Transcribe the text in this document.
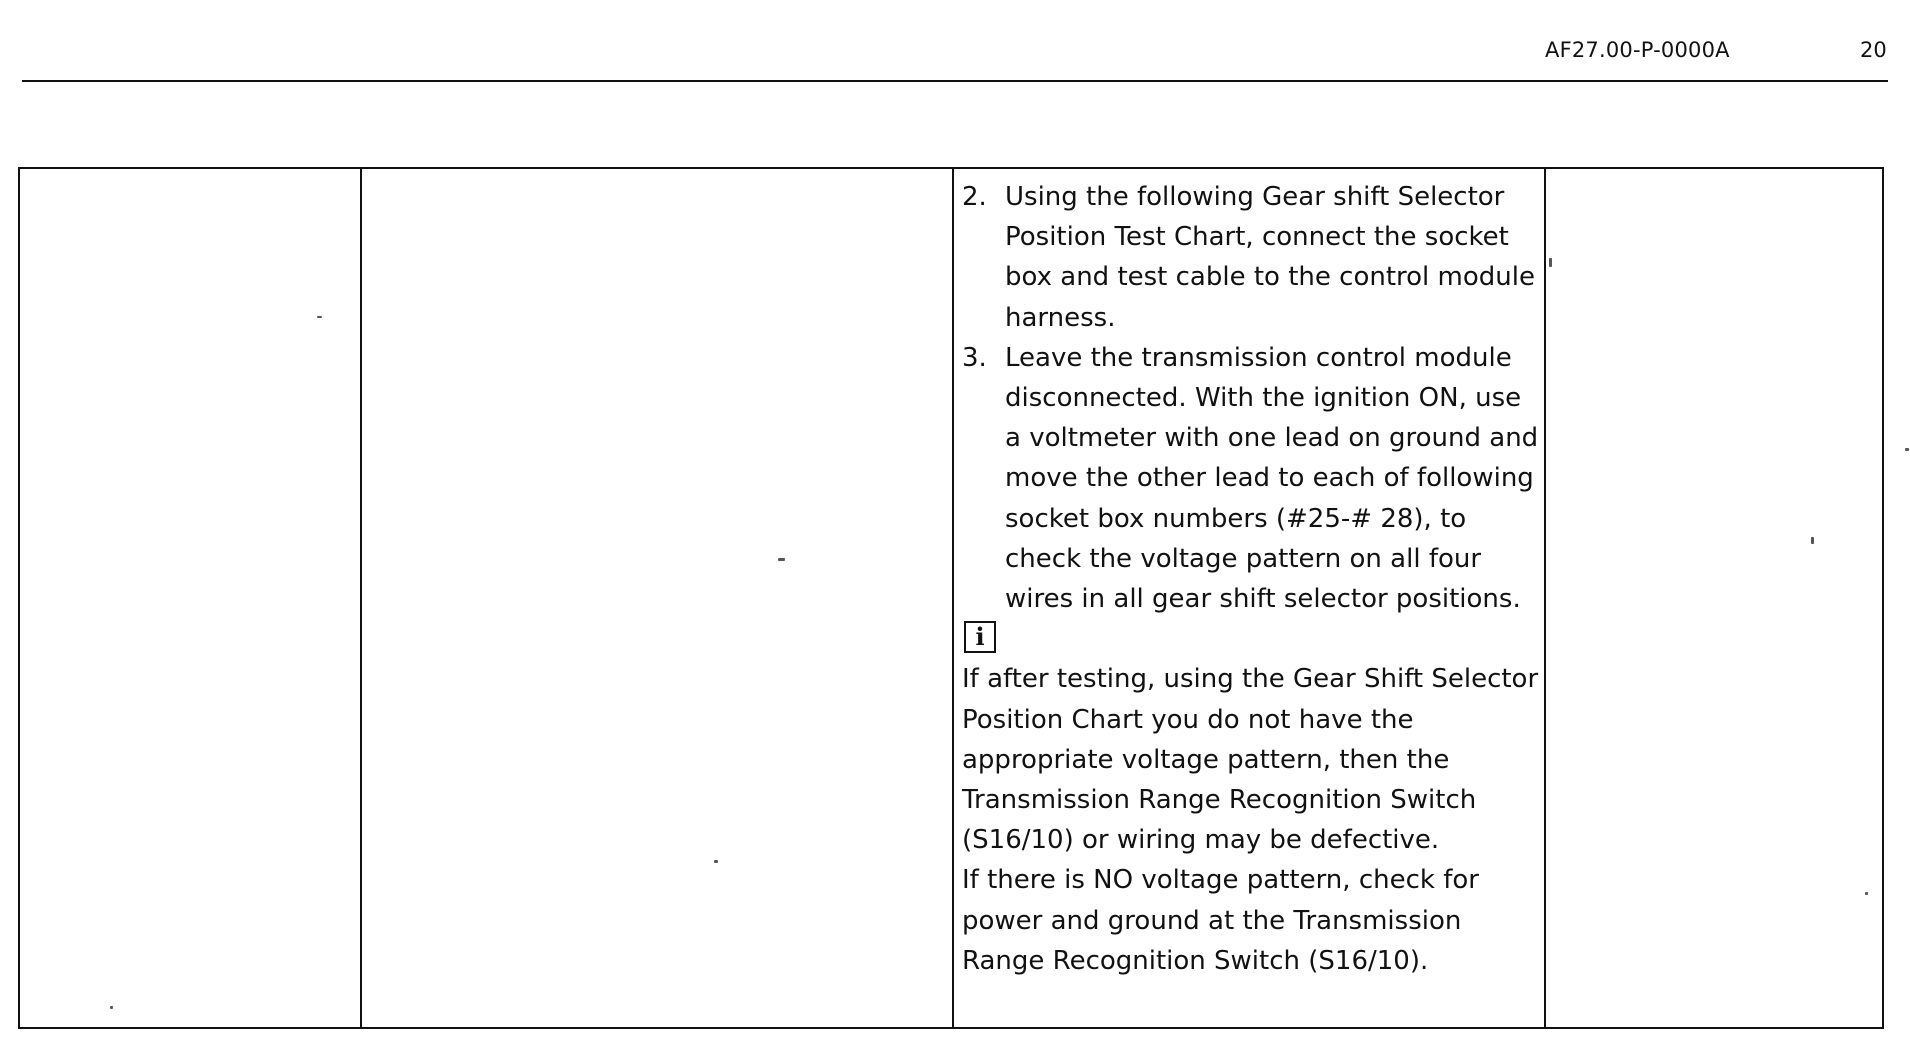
AF27.00-P-0000A	20
2. Using the following Gear shift Selector Position Test Chart, connect the socket box and test cable to the control module harness.
3. Leave the transmission control module disconnected. With the ignition ON, use a voltmeter with one lead on ground and move the other lead to each of following socket box numbers (#25-# 28), to check the voltage pattern on all four wires in all gear shift selector positions.
i

If after testing, using the Gear Shift Selector Position Chart you do not have the appropriate voltage pattern, then the Transmission Range Recognition Switch (S16/10) or wiring may be defective.

If there is NO voltage pattern, check for power and ground at the Transmission Range Recognition Switch (S16/10).
